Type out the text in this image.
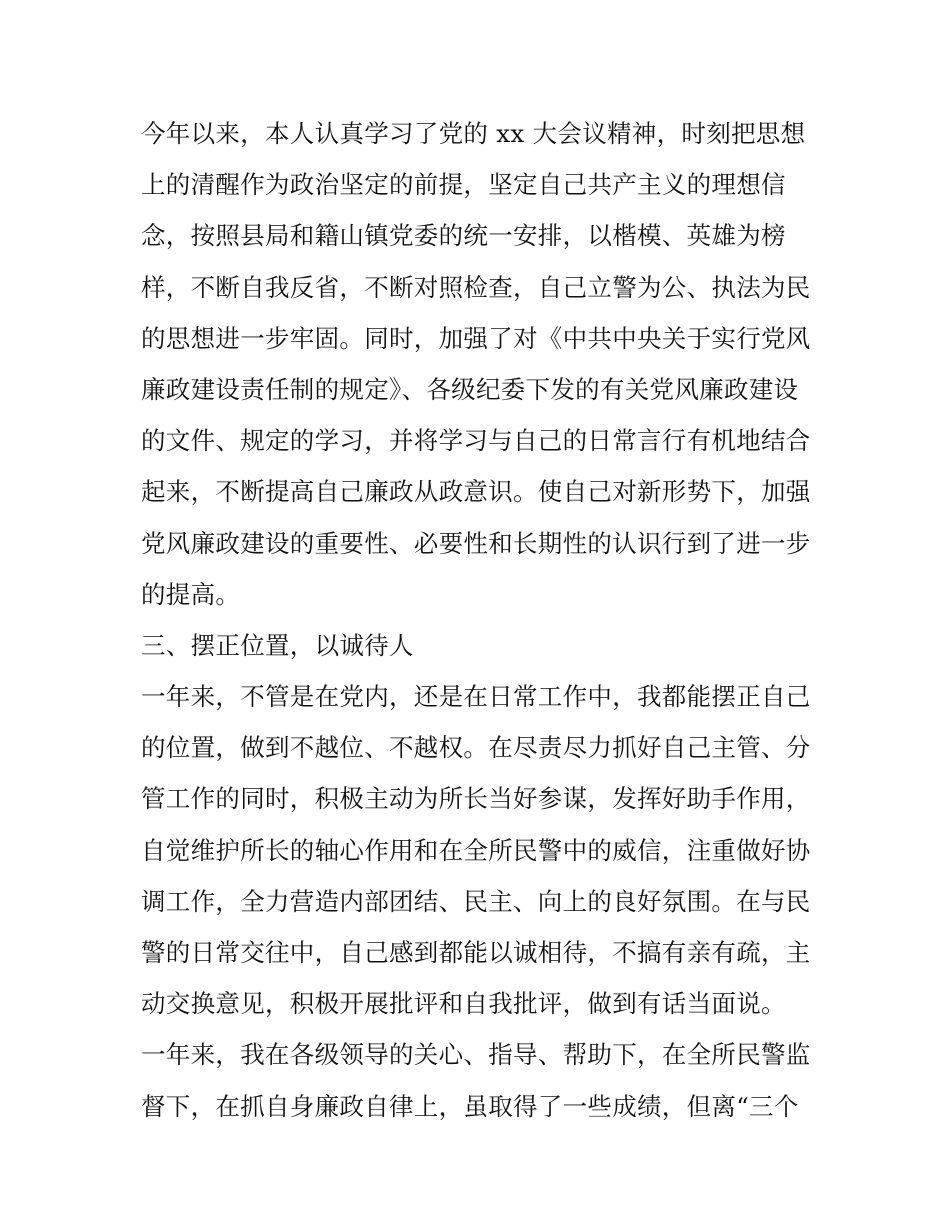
今年以来，本人认真学习了党的 xx 大会议精神，时刻把思想
上的清醒作为政治坚定的前提，坚定自己共产主义的理想信
念，按照县局和籍山镇党委的统一安排，以楷模、英雄为榜
样，不断自我反省，不断对照检查，自己立警为公、执法为民
的思想进一步牢固。同时，加强了对《中共中央关于实行党风
廉政建设责任制的规定》、各级纪委下发的有关党风廉政建设
的文件、规定的学习，并将学习与自己的日常言行有机地结合
起来，不断提高自己廉政从政意识。使自己对新形势下，加强
党风廉政建设的重要性、必要性和长期性的认识行到了进一步
的提高。
三、摆正位置，以诚待人
一年来，不管是在党内，还是在日常工作中，我都能摆正自己
的位置，做到不越位、不越权。在尽责尽力抓好自己主管、分
管工作的同时，积极主动为所长当好参谋，发挥好助手作用，
自觉维护所长的轴心作用和在全所民警中的威信，注重做好协
调工作，全力营造内部团结、民主、向上的良好氛围。在与民
警的日常交往中，自己感到都能以诚相待，不搞有亲有疏，主
动交换意见，积极开展批评和自我批评，做到有话当面说。
一年来，我在各级领导的关心、指导、帮助下，在全所民警监
督下，在抓自身廉政自律上，虽取得了一些成绩，但离“三个
